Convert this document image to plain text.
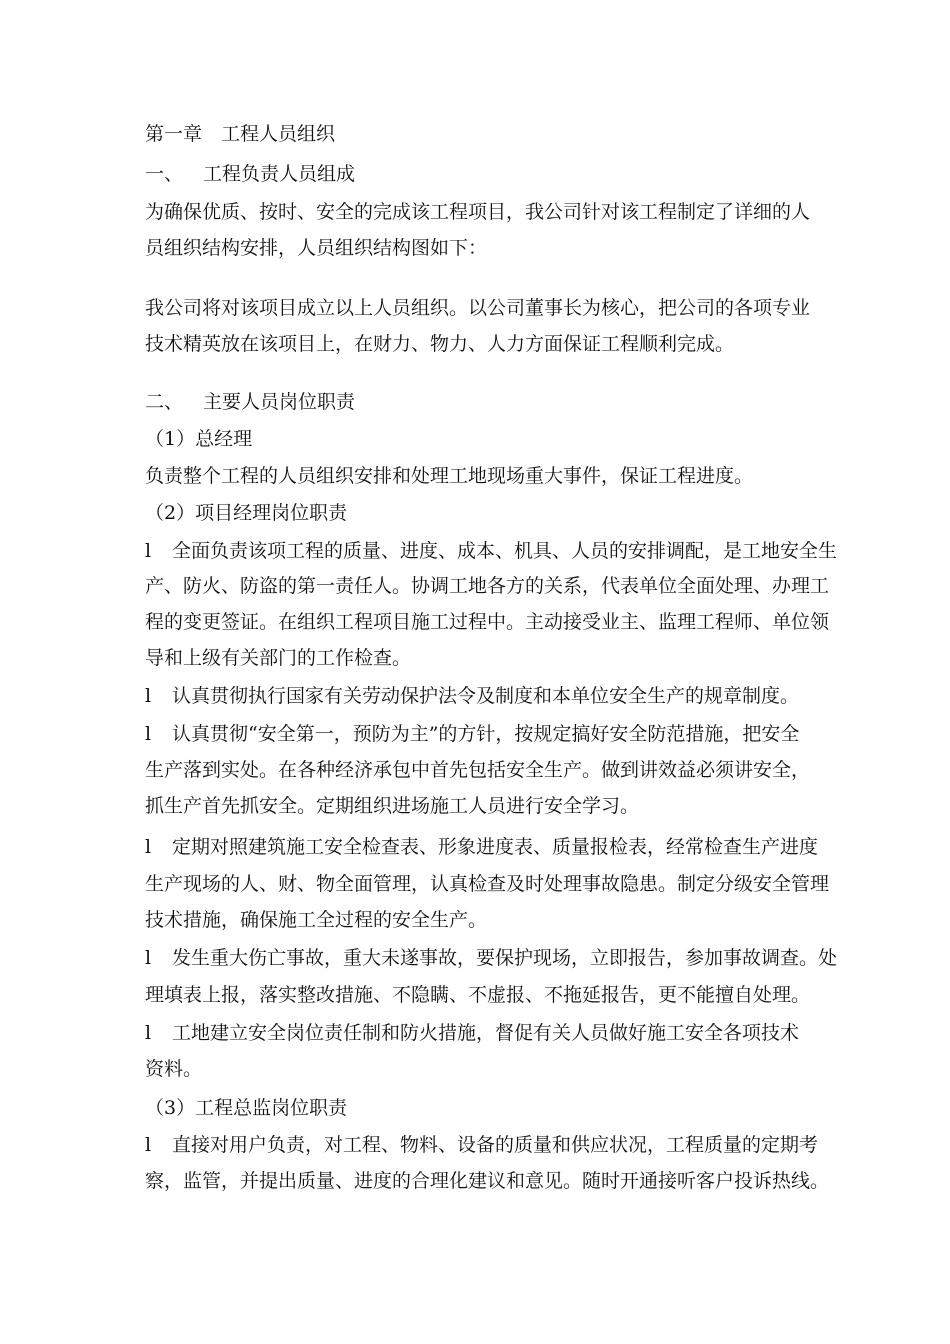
第一章　工程人员组织
一、 工程负责人员组成
为确保优质、按时、安全的完成该工程项目，我公司针对该工程制定了详细的人
员组织结构安排，人员组织结构图如下：
我公司将对该项目成立以上人员组织。以公司董事长为核心，把公司的各项专业
技术精英放在该项目上，在财力、物力、人力方面保证工程顺利完成。
二、 主要人员岗位职责
（1）总经理
负责整个工程的人员组织安排和处理工地现场重大事件，保证工程进度。
（2）项目经理岗位职责
l 全面负责该项工程的质量、进度、成本、机具、人员的安排调配，是工地安全生
产、防火、防盗的第一责任人。协调工地各方的关系，代表单位全面处理、办理工
程的变更签证。在组织工程项目施工过程中。主动接受业主、监理工程师、单位领
导和上级有关部门的工作检查。
l 认真贯彻执行国家有关劳动保护法令及制度和本单位安全生产的规章制度。
l 认真贯彻“安全第一，预防为主”的方针，按规定搞好安全防范措施，把安全
生产落到实处。在各种经济承包中首先包括安全生产。做到讲效益必须讲安全，
抓生产首先抓安全。定期组织进场施工人员进行安全学习。
l 定期对照建筑施工安全检查表、形象进度表、质量报检表，经常检查生产进度
生产现场的人、财、物全面管理，认真检查及时处理事故隐患。制定分级安全管理
技术措施，确保施工全过程的安全生产。
l 发生重大伤亡事故，重大未遂事故，要保护现场，立即报告，参加事故调查。处
理填表上报，落实整改措施、不隐瞒、不虚报、不拖延报告，更不能擅自处理。
l 工地建立安全岗位责任制和防火措施，督促有关人员做好施工安全各项技术
资料。
（3）工程总监岗位职责
l 直接对用户负责，对工程、物料、设备的质量和供应状况，工程质量的定期考
察，监管，并提出质量、进度的合理化建议和意见。随时开通接听客户投诉热线。
